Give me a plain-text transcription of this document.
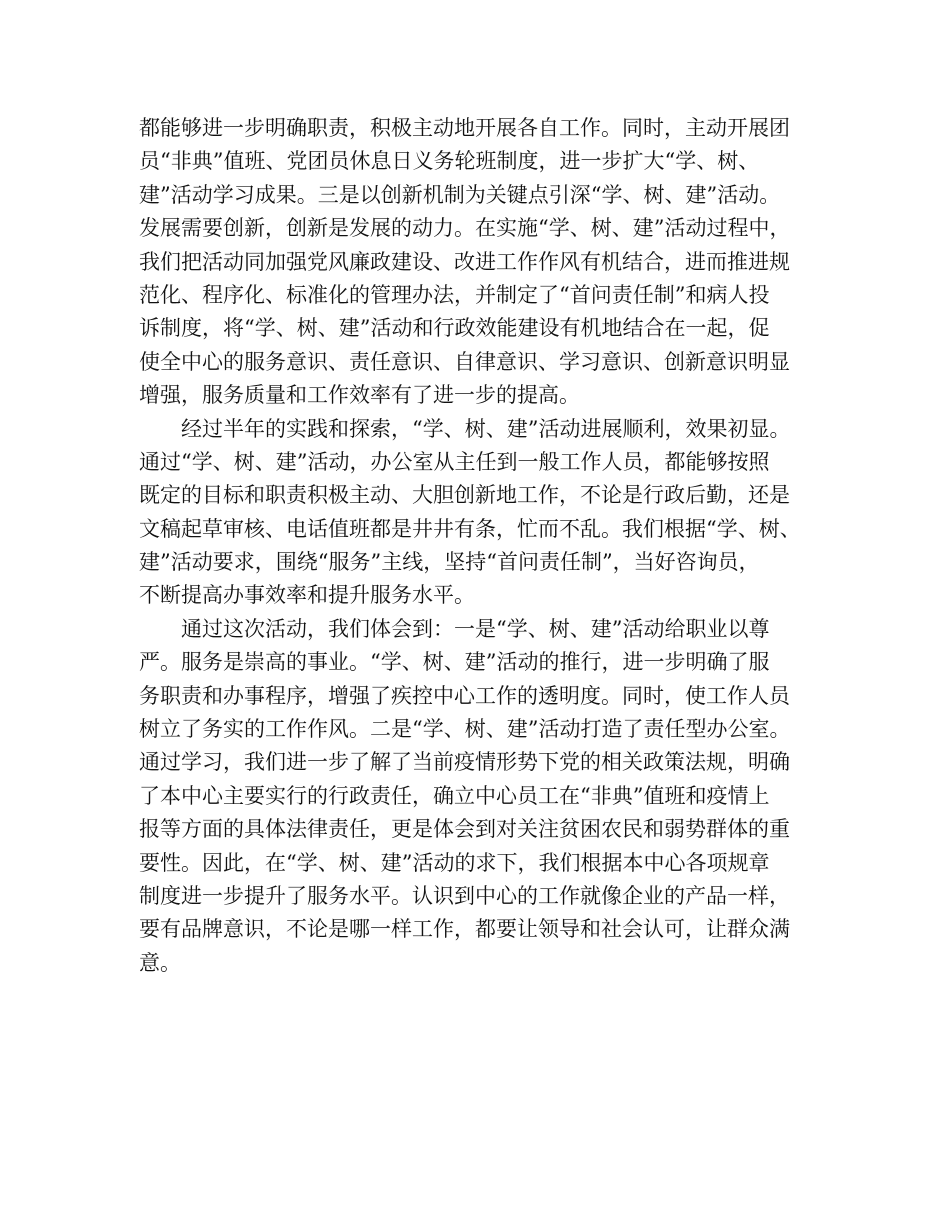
都能够进一步明确职责，积极主动地开展各自工作。同时，主动开展团
员“非典”值班、党团员休息日义务轮班制度，进一步扩大“学、树、
建”活动学习成果。三是以创新机制为关键点引深“学、树、建”活动。
发展需要创新，创新是发展的动力。在实施“学、树、建”活动过程中，
我们把活动同加强党风廉政建设、改进工作作风有机结合，进而推进规
范化、程序化、标准化的管理办法，并制定了“首问责任制”和病人投
诉制度，将“学、树、建”活动和行政效能建设有机地结合在一起，促
使全中心的服务意识、责任意识、自律意识、学习意识、创新意识明显
增强，服务质量和工作效率有了进一步的提高。

　　经过半年的实践和探索，“学、树、建”活动进展顺利，效果初显。
通过“学、树、建”活动，办公室从主任到一般工作人员，都能够按照
既定的目标和职责积极主动、大胆创新地工作，不论是行政后勤，还是
文稿起草审核、电话值班都是井井有条，忙而不乱。我们根据“学、树、
建”活动要求，围绕“服务”主线，坚持“首问责任制”，当好咨询员，
不断提高办事效率和提升服务水平。

　　通过这次活动，我们体会到：一是“学、树、建”活动给职业以尊
严。服务是崇高的事业。“学、树、建”活动的推行，进一步明确了服
务职责和办事程序，增强了疾控中心工作的透明度。同时，使工作人员
树立了务实的工作作风。二是“学、树、建”活动打造了责任型办公室。
通过学习，我们进一步了解了当前疫情形势下党的相关政策法规，明确
了本中心主要实行的行政责任，确立中心员工在“非典”值班和疫情上
报等方面的具体法律责任，更是体会到对关注贫困农民和弱势群体的重
要性。因此，在“学、树、建”活动的求下，我们根据本中心各项规章
制度进一步提升了服务水平。认识到中心的工作就像企业的产品一样，
要有品牌意识，不论是哪一样工作，都要让领导和社会认可，让群众满
意。
